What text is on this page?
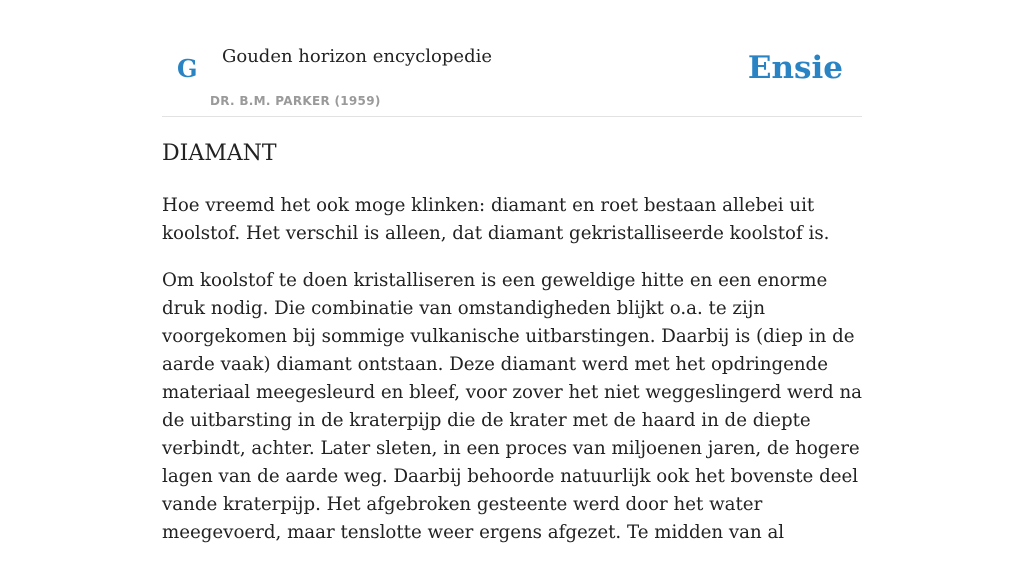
G Gouden horizon encyclopedie
DR. B.M. PARKER (1959)
Ensie
DIAMANT

Hoe vreemd het ook moge klinken: diamant en roet bestaan allebei uit koolstof. Het verschil is alleen, dat diamant gekristalliseerde koolstof is.

Om koolstof te doen kristalliseren is een geweldige hitte en een enorme druk nodig. Die combinatie van omstandigheden blijkt o.a. te zijn voorgekomen bij sommige vulkanische uitbarstingen. Daarbij is (diep in de aarde vaak) diamant ontstaan. Deze diamant werd met het opdringende materiaal meegesleurd en bleef, voor zover het niet weggeslingerd werd na de uitbarsting in de kraterpijp die de krater met de haard in de diepte verbindt, achter. Later sleten, in een proces van miljoenen jaren, de hogere lagen van de aarde weg. Daarbij behoorde natuurlijk ook het bovenste deel vande kraterpijp. Het afgebroken gesteente werd door het water meegevoerd, maar tenslotte weer ergens afgezet. Te midden van al
